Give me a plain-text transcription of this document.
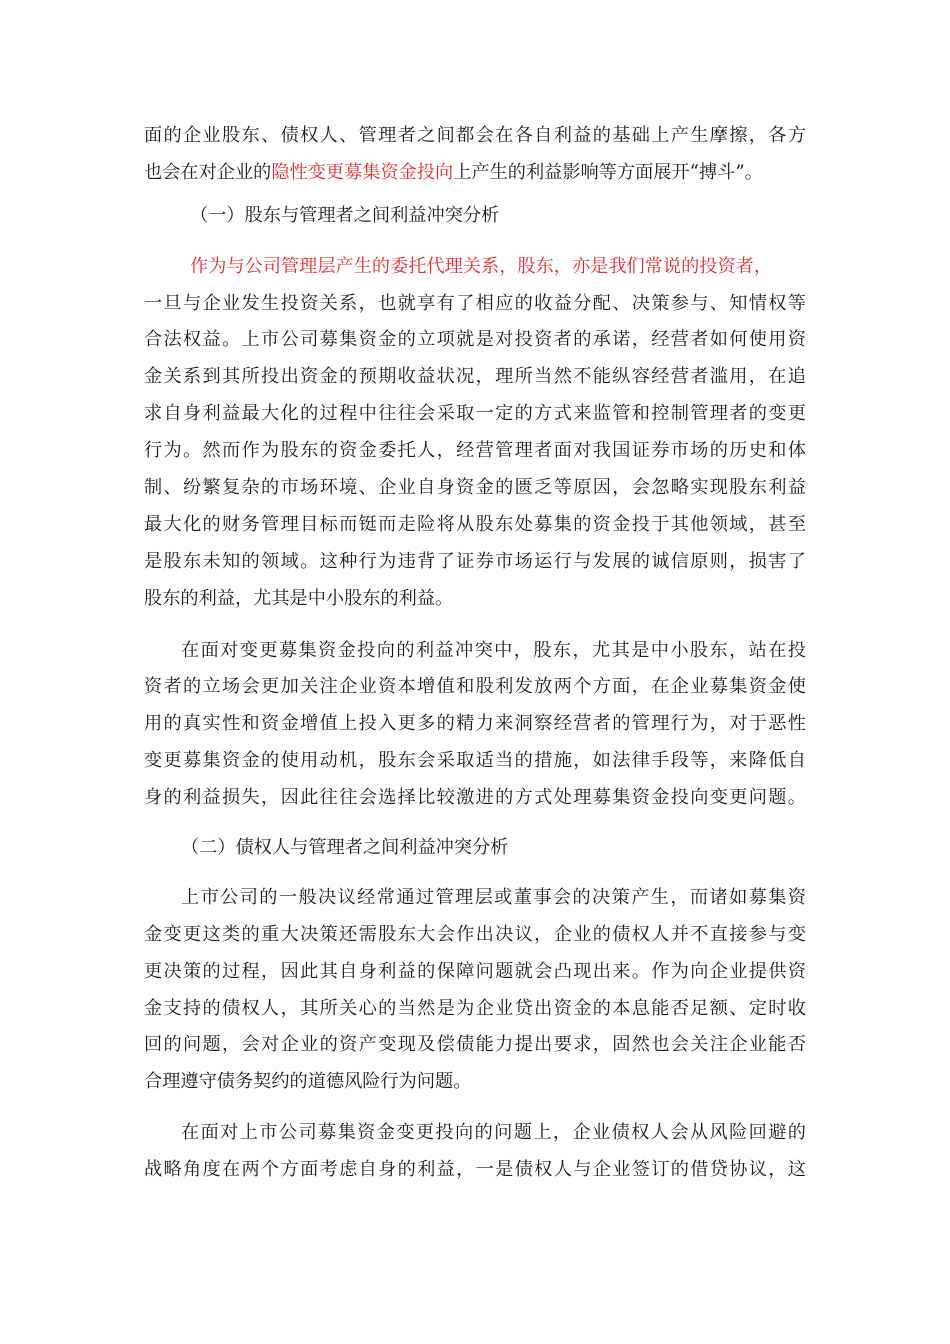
面的企业股东、债权人、管理者之间都会在各自利益的基础上产生摩擦，各方
也会在对企业的隐性变更募集资金投向上产生的利益影响等方面展开“搏斗”。
（一）股东与管理者之间利益冲突分析
作为与公司管理层产生的委托代理关系，股东，亦是我们常说的投资者，
一旦与企业发生投资关系，也就享有了相应的收益分配、决策参与、知情权等
合法权益。上市公司募集资金的立项就是对投资者的承诺，经营者如何使用资
金关系到其所投出资金的预期收益状况，理所当然不能纵容经营者滥用，在追
求自身利益最大化的过程中往往会采取一定的方式来监管和控制管理者的变更
行为。然而作为股东的资金委托人，经营管理者面对我国证券市场的历史和体
制、纷繁复杂的市场环境、企业自身资金的匮乏等原因，会忽略实现股东利益
最大化的财务管理目标而铤而走险将从股东处募集的资金投于其他领域，甚至
是股东未知的领域。这种行为违背了证券市场运行与发展的诚信原则，损害了
股东的利益，尤其是中小股东的利益。
在面对变更募集资金投向的利益冲突中，股东，尤其是中小股东，站在投
资者的立场会更加关注企业资本增值和股利发放两个方面，在企业募集资金使
用的真实性和资金增值上投入更多的精力来洞察经营者的管理行为，对于恶性
变更募集资金的使用动机，股东会采取适当的措施，如法律手段等，来降低自
身的利益损失，因此往往会选择比较激进的方式处理募集资金投向变更问题。
（二）债权人与管理者之间利益冲突分析
上市公司的一般决议经常通过管理层或董事会的决策产生，而诸如募集资
金变更这类的重大决策还需股东大会作出决议，企业的债权人并不直接参与变
更决策的过程，因此其自身利益的保障问题就会凸现出来。作为向企业提供资
金支持的债权人，其所关心的当然是为企业贷出资金的本息能否足额、定时收
回的问题，会对企业的资产变现及偿债能力提出要求，固然也会关注企业能否
合理遵守债务契约的道德风险行为问题。
在面对上市公司募集资金变更投向的问题上，企业债权人会从风险回避的
战略角度在两个方面考虑自身的利益，一是债权人与企业签订的借贷协议，这
